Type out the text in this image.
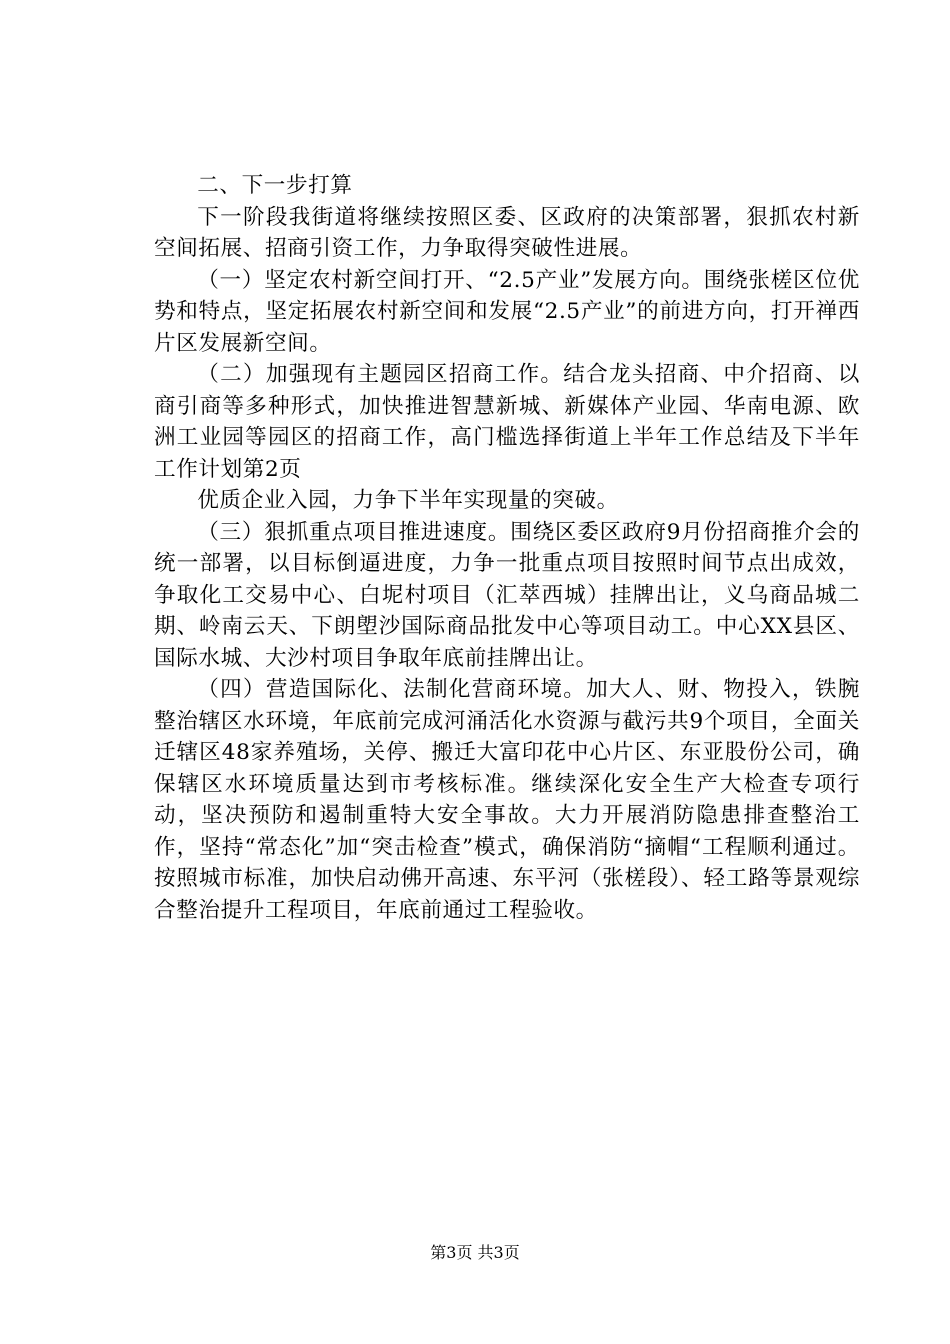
二、下一步打算

下一阶段我街道将继续按照区委、区政府的决策部署，狠抓农村新空间拓展、招商引资工作，力争取得突破性进展。

（一）坚定农村新空间打开、“2.5产业”发展方向。围绕张槎区位优势和特点，坚定拓展农村新空间和发展“2.5产业”的前进方向，打开禅西片区发展新空间。

（二）加强现有主题园区招商工作。结合龙头招商、中介招商、以商引商等多种形式，加快推进智慧新城、新媒体产业园、华南电源、欧洲工业园等园区的招商工作，高门槛选择街道上半年工作总结及下半年工作计划第2页

优质企业入园，力争下半年实现量的突破。

（三）狠抓重点项目推进速度。围绕区委区政府9月份招商推介会的统一部署，以目标倒逼进度，力争一批重点项目按照时间节点出成效，争取化工交易中心、白坭村项目（汇萃西城）挂牌出让，义乌商品城二期、岭南云天、下朗塱沙国际商品批发中心等项目动工。中心XX县区、国际水城、大沙村项目争取年底前挂牌出让。

（四）营造国际化、法制化营商环境。加大人、财、物投入，铁腕整治辖区水环境，年底前完成河涌活化水资源与截污共9个项目，全面关迁辖区48家养殖场，关停、搬迁大富印花中心片区、东亚股份公司，确保辖区水环境质量达到市考核标准。继续深化安全生产大检查专项行动，坚决预防和遏制重特大安全事故。大力开展消防隐患排查整治工作，坚持“常态化”加“突击检查”模式，确保消防“摘帽“工程顺利通过。按照城市标准，加快启动佛开高速、东平河（张槎段）、轻工路等景观综合整治提升工程项目，年底前通过工程验收。

第3页 共3页
